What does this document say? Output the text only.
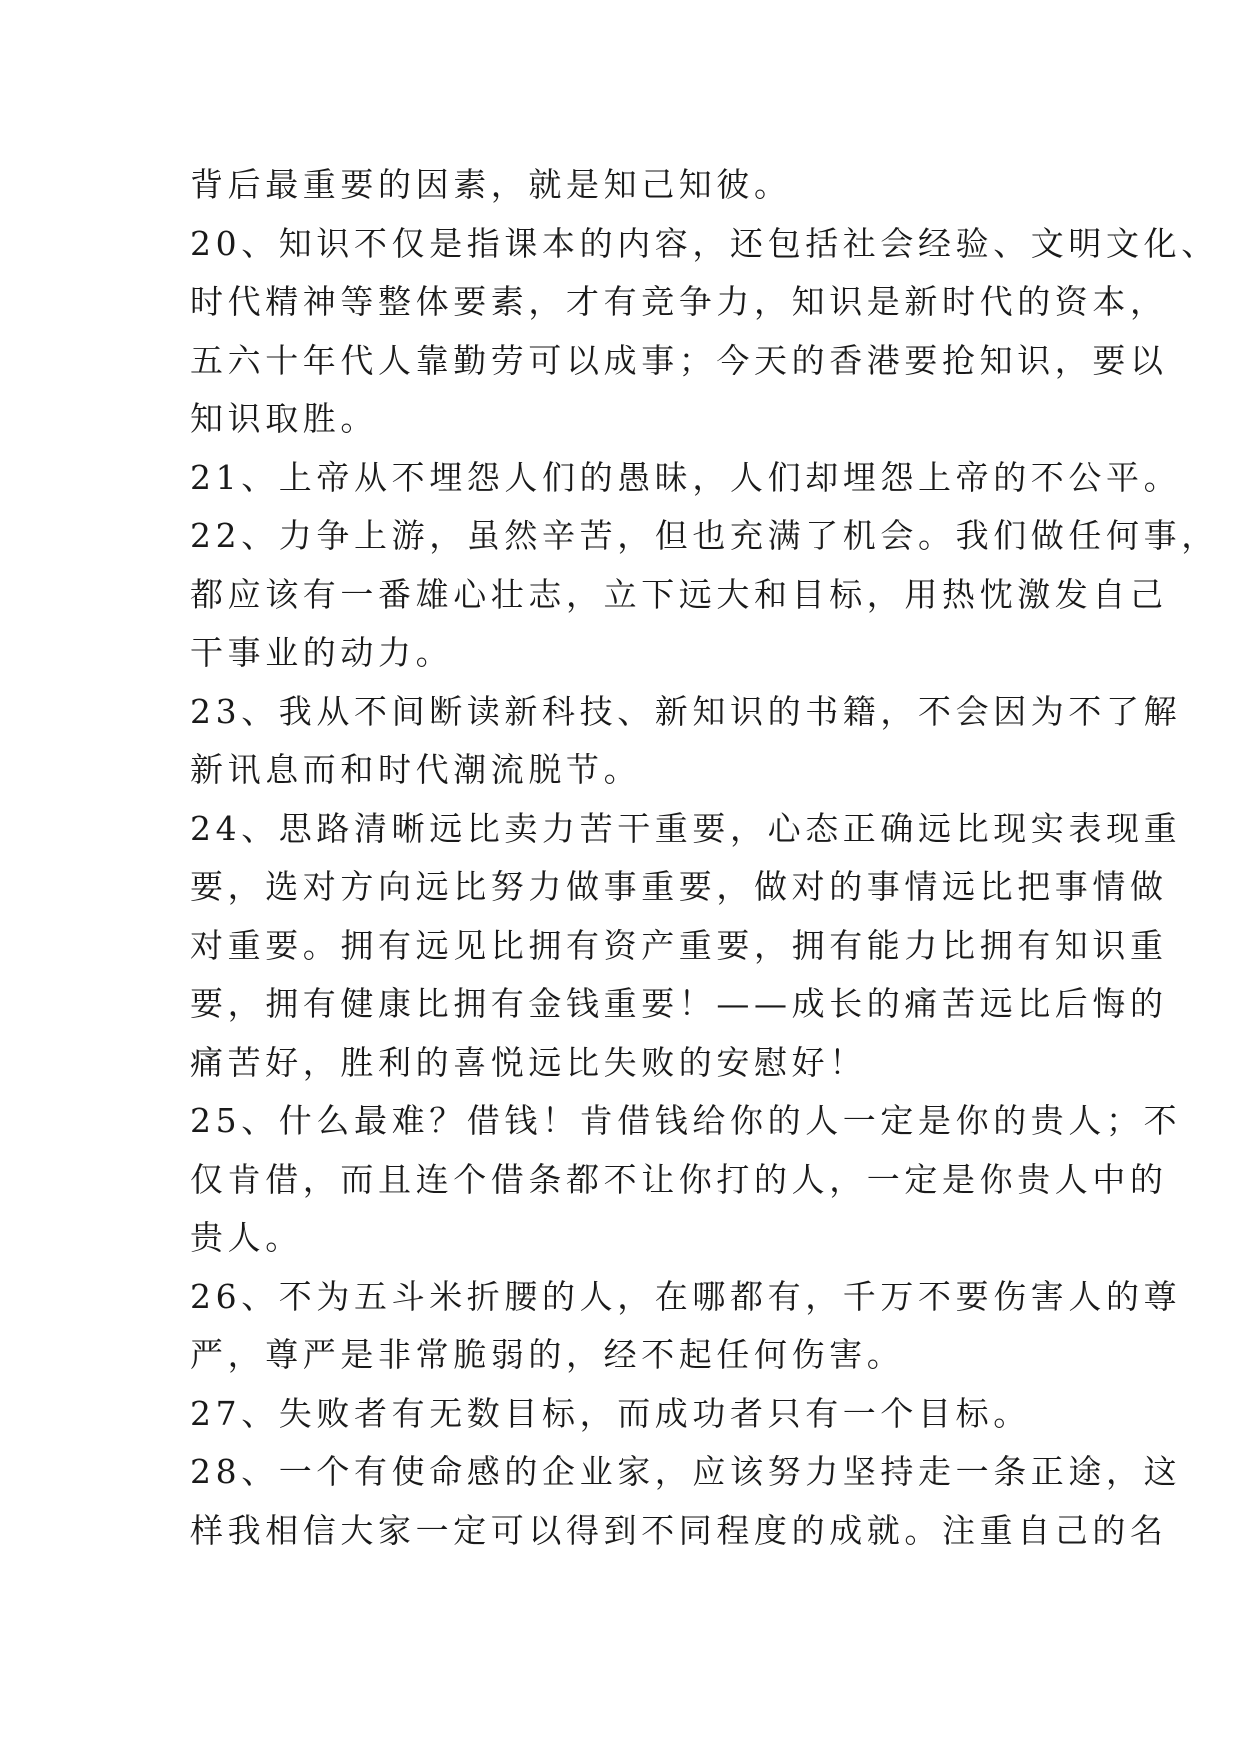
背后最重要的因素，就是知己知彼。
20、知识不仅是指课本的内容，还包括社会经验、文明文化、
时代精神等整体要素，才有竞争力，知识是新时代的资本，
五六十年代人靠勤劳可以成事；今天的香港要抢知识，要以
知识取胜。
21、上帝从不埋怨人们的愚昧，人们却埋怨上帝的不公平。
22、力争上游，虽然辛苦，但也充满了机会。我们做任何事，
都应该有一番雄心壮志，立下远大和目标，用热忱激发自己
干事业的动力。
23、我从不间断读新科技、新知识的书籍，不会因为不了解
新讯息而和时代潮流脱节。
24、思路清晰远比卖力苦干重要，心态正确远比现实表现重
要，选对方向远比努力做事重要，做对的事情远比把事情做
对重要。拥有远见比拥有资产重要，拥有能力比拥有知识重
要，拥有健康比拥有金钱重要！——成长的痛苦远比后悔的
痛苦好，胜利的喜悦远比失败的安慰好！
25、什么最难？借钱！肯借钱给你的人一定是你的贵人；不
仅肯借，而且连个借条都不让你打的人，一定是你贵人中的
贵人。
26、不为五斗米折腰的人，在哪都有，千万不要伤害人的尊
严，尊严是非常脆弱的，经不起任何伤害。
27、失败者有无数目标，而成功者只有一个目标。
28、一个有使命感的企业家，应该努力坚持走一条正途，这
样我相信大家一定可以得到不同程度的成就。注重自己的名
